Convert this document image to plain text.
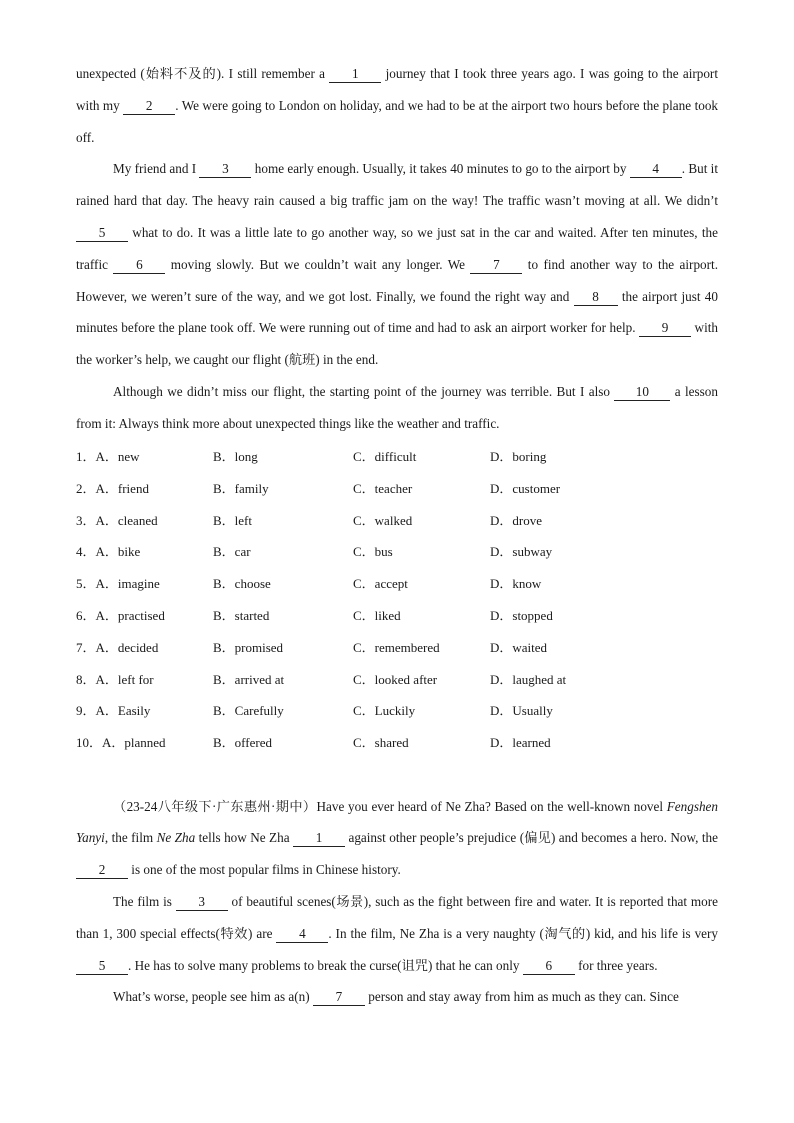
unexpected (始料不及的). I still remember a 1 journey that I took three years ago. I was going to the airport with my 2 . We were going to London on holiday, and we had to be at the airport two hours before the plane took off.

My friend and I 3 home early enough. Usually, it takes 40 minutes to go to the airport by 4 . But it rained hard that day. The heavy rain caused a big traffic jam on the way! The traffic wasn’t moving at all. We didn’t 5 what to do. It was a little late to go another way, so we just sat in the car and waited. After ten minutes, the traffic 6 moving slowly. But we couldn’t wait any longer. We 7 to find another way to the airport. However, we weren’t sure of the way, and we got lost. Finally, we found the right way and 8 the airport just 40 minutes before the plane took off. We were running out of time and had to ask an airport worker for help. 9 with the worker’s help, we caught our flight (航班) in the end.

Although we didn’t miss our flight, the starting point of the journey was terrible. But I also 10 a lesson from it: Always think more about unexpected things like the weather and traffic.

1．A．new	B．long	C．difficult	D．boring
2．A．friend	B．family	C．teacher	D．customer
3．A．cleaned	B．left	C．walked	D．drove
4．A．bike	B．car	C．bus	D．subway
5．A．imagine	B．choose	C．accept	D．know
6．A．practised	B．started	C．liked	D．stopped
7．A．decided	B．promised	C．remembered	D．waited
8．A．left for	B．arrived at	C．looked after	D．laughed at
9．A．Easily	B．Carefully	C．Luckily	D．Usually
10．A．planned	B．offered	C．shared	D．learned

（23-24八年级下·广东惠州·期中）Have you ever heard of Ne Zha? Based on the well-known novel Fengshen Yanyi, the film Ne Zha tells how Ne Zha 1 against other people’s prejudice (偏见) and becomes a hero. Now, the 2 is one of the most popular films in Chinese history.

The film is 3 of beautiful scenes(场景), such as the fight between fire and water. It is reported that more than 1, 300 special effects(特效) are 4 . In the film, Ne Zha is a very naughty (淘气的) kid, and his life is very 5 . He has to solve many problems to break the curse(诅咒) that he can only 6 for three years.

What’s worse, people see him as a(n) 7 person and stay away from him as much as they can. Since
